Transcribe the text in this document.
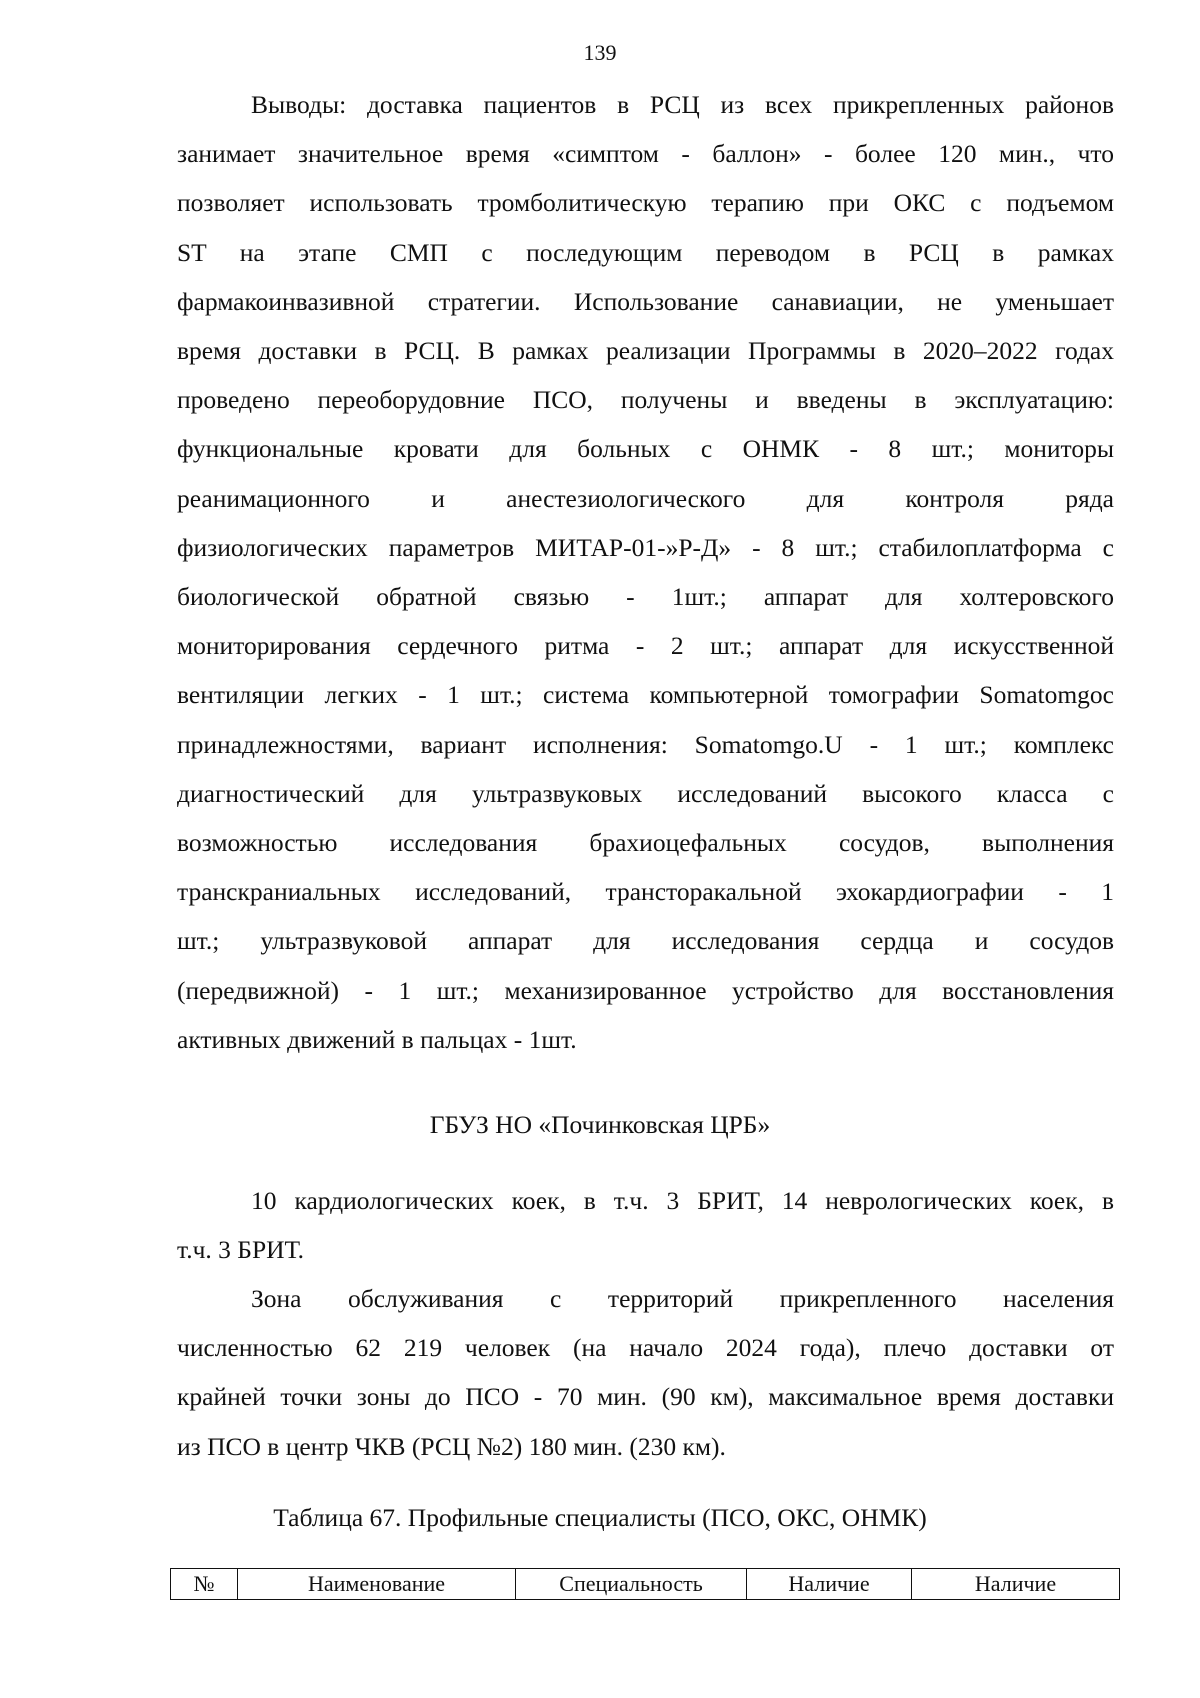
139
Выводы: доставка пациентов в РСЦ из всех прикрепленных районов
занимает значительное время «симптом - баллон» - более 120 мин., что
позволяет использовать тромболитическую терапию при ОКС с подъемом
ST на этапе СМП с последующим переводом в РСЦ в рамках
фармакоинвазивной стратегии. Использование санавиации, не уменьшает
время доставки в РСЦ. В рамках реализации Программы в 2020–2022 годах
проведено переоборудовние ПСО, получены и введены в эксплуатацию:
функциональные кровати для больных с ОНМК - 8 шт.; мониторы
реанимационного и анестезиологического для контроля ряда
физиологических параметров МИТАР-01-»Р-Д» - 8 шт.; стабилоплатформа с
биологической обратной связью - 1шт.; аппарат для холтеровского
мониторирования сердечного ритма - 2 шт.; аппарат для искусственной
вентиляции легких - 1 шт.; система компьютерной томографии Somatomgoc
принадлежностями, вариант исполнения: Somatomgo.U - 1 шт.; комплекс
диагностический для ультразвуковых исследований высокого класса с
возможностью исследования брахиоцефальных сосудов, выполнения
транскраниальных исследований, трансторакальной эхокардиографии - 1
шт.; ультразвуковой аппарат для исследования сердца и сосудов
(передвижной) - 1 шт.; механизированное устройство для восстановления
активных движений в пальцах - 1шт.
ГБУЗ НО «Починковская ЦРБ»
10 кардиологических коек, в т.ч. 3 БРИТ, 14 неврологических коек, в
т.ч. 3 БРИТ.
Зона обслуживания с территорий прикрепленного населения
численностью 62 219 человек (на начало 2024 года), плечо доставки от
крайней точки зоны до ПСО - 70 мин. (90 км), максимальное время доставки
из ПСО в центр ЧКВ (РСЦ №2) 180 мин. (230 км).
Таблица 67. Профильные специалисты (ПСО, ОКС, ОНМК)
№	Наименование	Специальность	Наличие	Наличие
